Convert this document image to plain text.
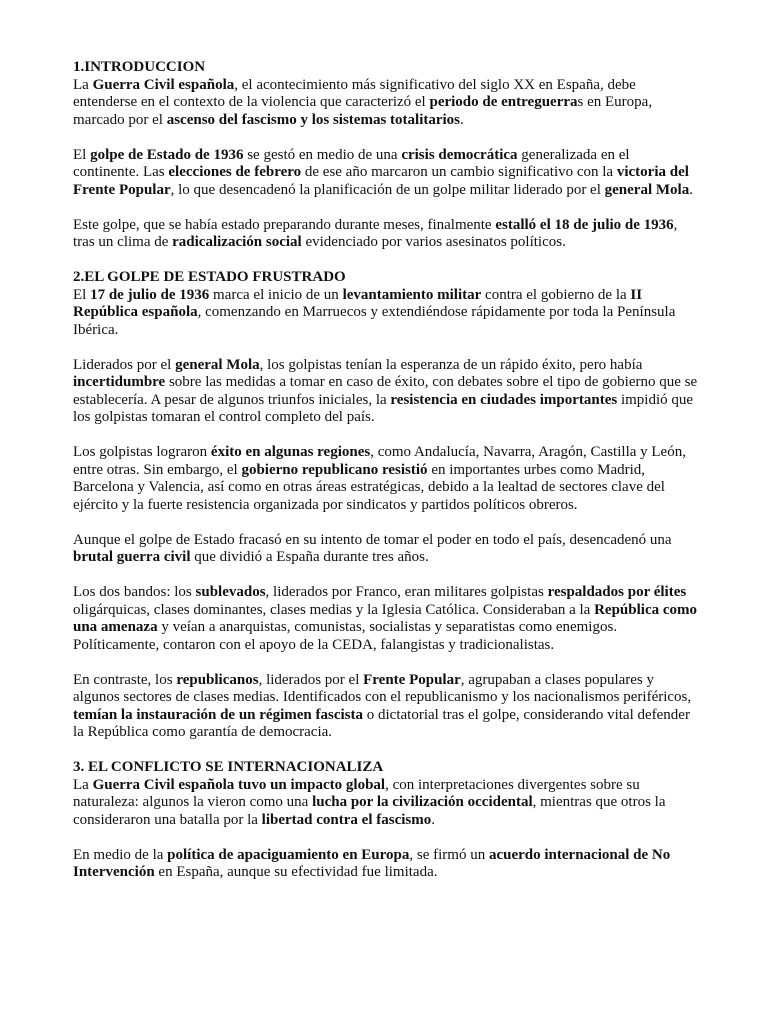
1.INTRODUCCION

La Guerra Civil española, el acontecimiento más significativo del siglo XX en España, debe entenderse en el contexto de la violencia que caracterizó el periodo de entreguerras en Europa, marcado por el ascenso del fascismo y los sistemas totalitarios.

El golpe de Estado de 1936 se gestó en medio de una crisis democrática generalizada en el continente. Las elecciones de febrero de ese año marcaron un cambio significativo con la victoria del Frente Popular, lo que desencadenó la planificación de un golpe militar liderado por el general Mola.

Este golpe, que se había estado preparando durante meses, finalmente estalló el 18 de julio de 1936, tras un clima de radicalización social evidenciado por varios asesinatos políticos.

2.EL GOLPE DE ESTADO FRUSTRADO

El 17 de julio de 1936 marca el inicio de un levantamiento militar contra el gobierno de la II República española, comenzando en Marruecos y extendiéndose rápidamente por toda la Península Ibérica.

Liderados por el general Mola, los golpistas tenían la esperanza de un rápido éxito, pero había incertidumbre sobre las medidas a tomar en caso de éxito, con debates sobre el tipo de gobierno que se establecería. A pesar de algunos triunfos iniciales, la resistencia en ciudades importantes impidió que los golpistas tomaran el control completo del país.

Los golpistas lograron éxito en algunas regiones, como Andalucía, Navarra, Aragón, Castilla y León, entre otras. Sin embargo, el gobierno republicano resistió en importantes urbes como Madrid, Barcelona y Valencia, así como en otras áreas estratégicas, debido a la lealtad de sectores clave del ejército y la fuerte resistencia organizada por sindicatos y partidos políticos obreros.

Aunque el golpe de Estado fracasó en su intento de tomar el poder en todo el país, desencadenó una brutal guerra civil que dividió a España durante tres años.

Los dos bandos: los sublevados, liderados por Franco, eran militares golpistas respaldados por élites oligárquicas, clases dominantes, clases medias y la Iglesia Católica. Consideraban a la República como una amenaza y veían a anarquistas, comunistas, socialistas y separatistas como enemigos. Políticamente, contaron con el apoyo de la CEDA, falangistas y tradicionalistas.

En contraste, los republicanos, liderados por el Frente Popular, agrupaban a clases populares y algunos sectores de clases medias. Identificados con el republicanismo y los nacionalismos periféricos, temían la instauración de un régimen fascista o dictatorial tras el golpe, considerando vital defender la República como garantía de democracia.

3. EL CONFLICTO SE INTERNACIONALIZA

La Guerra Civil española tuvo un impacto global, con interpretaciones divergentes sobre su naturaleza: algunos la vieron como una lucha por la civilización occidental, mientras que otros la consideraron una batalla por la libertad contra el fascismo.

En medio de la política de apaciguamiento en Europa, se firmó un acuerdo internacional de No Intervención en España, aunque su efectividad fue limitada.
